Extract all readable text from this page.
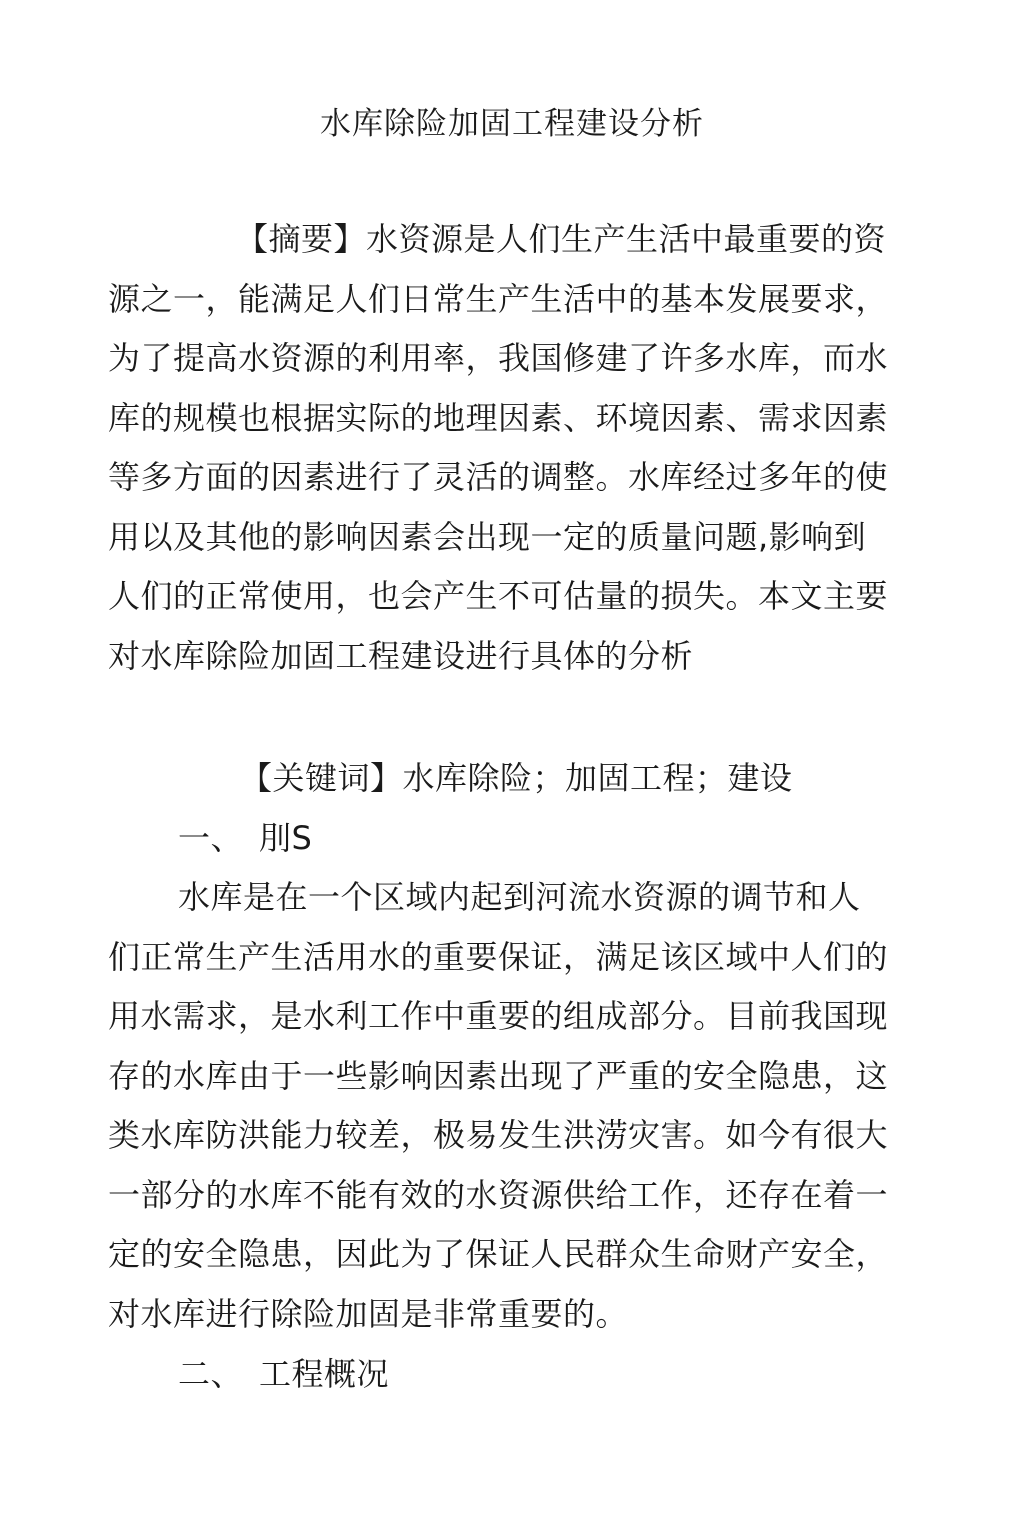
水库除险加固工程建设分析
【摘要】水资源是人们生产生活中最重要的资源之一，能满足人们日常生产生活中的基本发展要求，为了提高水资源的利用率，我国修建了许多水库，而水库的规模也根据实际的地理因素、环境因素、需求因素等多方面的因素进行了灵活的调整。水库经过多年的使用以及其他的影响因素会出现一定的质量问题,影响到人们的正常使用，也会产生不可估量的损失。本文主要对水库除险加固工程建设进行具体的分析
【关键词】水库除险；加固工程；建设
一、 刖S
水库是在一个区域内起到河流水资源的调节和人们正常生产生活用水的重要保证，满足该区域中人们的用水需求，是水利工作中重要的组成部分。目前我国现存的水库由于一些影响因素出现了严重的安全隐患，这类水库防洪能力较差，极易发生洪涝灾害。如今有很大一部分的水库不能有效的水资源供给工作，还存在着一定的安全隐患，因此为了保证人民群众生命财产安全，对水库进行除险加固是非常重要的。
二、 工程概况
